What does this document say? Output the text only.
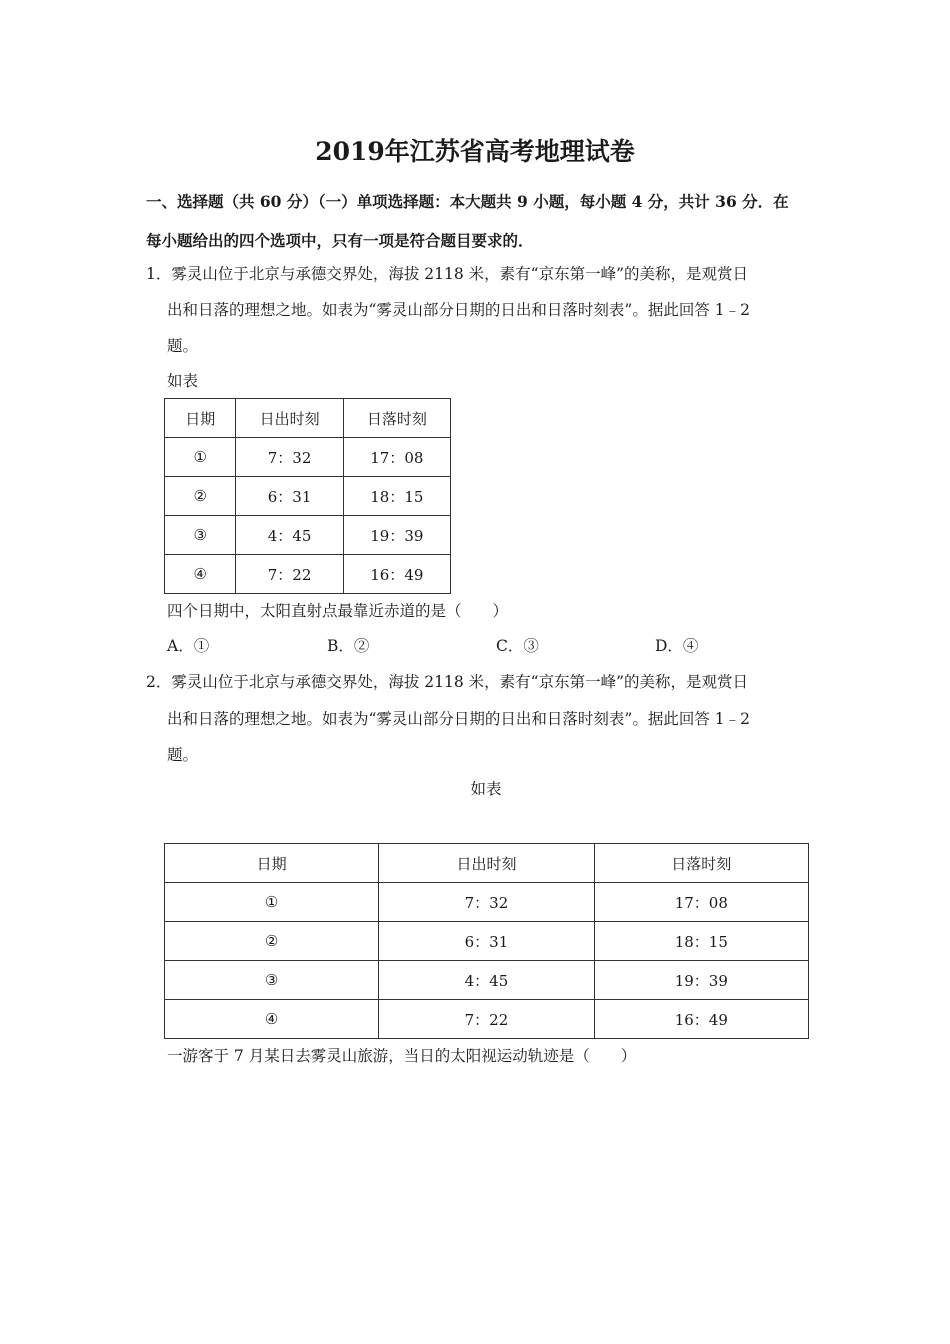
2019年江苏省高考地理试卷
一、选择题（共 60 分）（一）单项选择题：本大题共 9 小题，每小题 4 分，共计 36 分．在
每小题给出的四个选项中，只有一项是符合题目要求的．
1．雾灵山位于北京与承德交界处，海拔 2118 米，素有“京东第一峰”的美称，是观赏日
出和日落的理想之地。如表为“雾灵山部分日期的日出和日落时刻表”。据此回答 1﹣2
题。
如表
日期	日出时刻	日落时刻
①	7：32	17：08
②	6：31	18：15
③	4：45	19：39
④	7：22	16：49
四个日期中，太阳直射点最靠近赤道的是（　　）
A．①	B．②	C．③	D．④
2．雾灵山位于北京与承德交界处，海拔 2118 米，素有“京东第一峰”的美称，是观赏日
出和日落的理想之地。如表为“雾灵山部分日期的日出和日落时刻表”。据此回答 1﹣2
题。
如表
日期	日出时刻	日落时刻
①	7：32	17：08
②	6：31	18：15
③	4：45	19：39
④	7：22	16：49
一游客于 7 月某日去雾灵山旅游，当日的太阳视运动轨迹是（　　）
